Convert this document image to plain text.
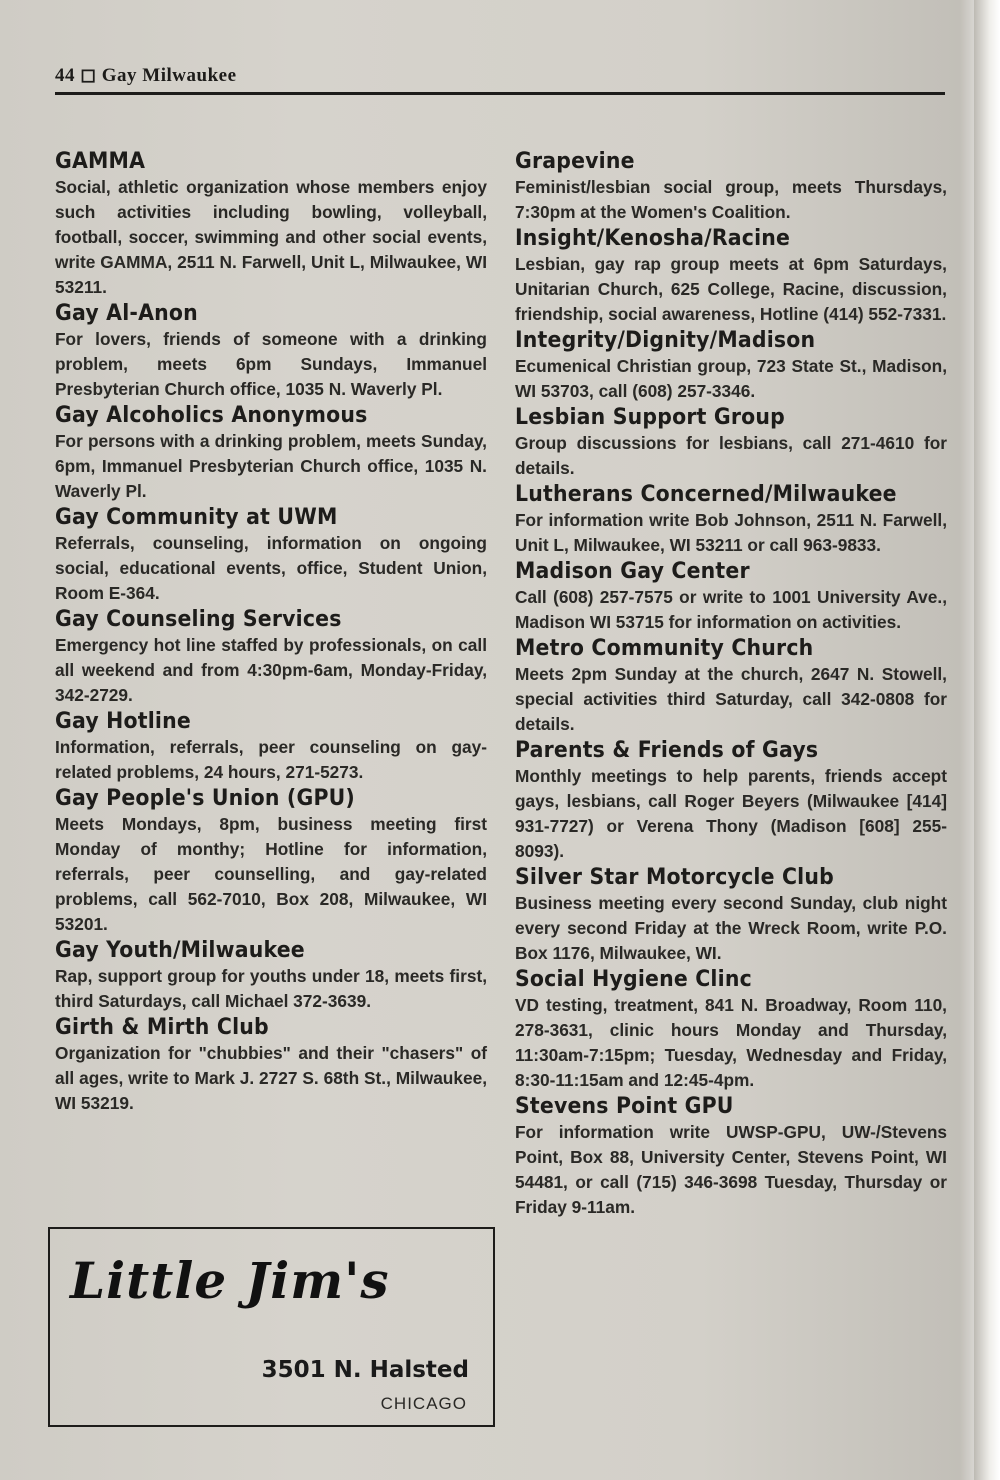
44 ◻ Gay Milwaukee
GAMMA
Social, athletic organization whose members enjoy such activities including bowling, volleyball, football, soccer, swimming and other social events, write GAMMA, 2511 N. Farwell, Unit L, Milwaukee, WI 53211.
Gay Al-Anon
For lovers, friends of someone with a drinking problem, meets 6pm Sundays, Immanuel Presbyterian Church office, 1035 N. Waverly Pl.
Gay Alcoholics Anonymous
For persons with a drinking problem, meets Sunday, 6pm, Immanuel Presbyterian Church office, 1035 N. Waverly Pl.
Gay Community at UWM
Referrals, counseling, information on ongoing social, educational events, office, Student Union, Room E-364.
Gay Counseling Services
Emergency hot line staffed by professionals, on call all weekend and from 4:30pm-6am, Monday-Friday, 342-2729.
Gay Hotline
Information, referrals, peer counseling on gay-related problems, 24 hours, 271-5273.
Gay People's Union (GPU)
Meets Mondays, 8pm, business meeting first Monday of monthy; Hotline for information, referrals, peer counselling, and gay-related problems, call 562-7010, Box 208, Milwaukee, WI 53201.
Gay Youth/Milwaukee
Rap, support group for youths under 18, meets first, third Saturdays, call Michael 372-3639.
Girth & Mirth Club
Organization for "chubbies" and their "chasers" of all ages, write to Mark J. 2727 S. 68th St., Milwaukee, WI 53219.
Grapevine
Feminist/lesbian social group, meets Thursdays, 7:30pm at the Women's Coalition.
Insight/Kenosha/Racine
Lesbian, gay rap group meets at 6pm Saturdays, Unitarian Church, 625 College, Racine, discussion, friendship, social awareness, Hotline (414) 552-7331.
Integrity/Dignity/Madison
Ecumenical Christian group, 723 State St., Madison, WI 53703, call (608) 257-3346.
Lesbian Support Group
Group discussions for lesbians, call 271-4610 for details.
Lutherans Concerned/Milwaukee
For information write Bob Johnson, 2511 N. Farwell, Unit L, Milwaukee, WI 53211 or call 963-9833.
Madison Gay Center
Call (608) 257-7575 or write to 1001 University Ave., Madison WI 53715 for information on activities.
Metro Community Church
Meets 2pm Sunday at the church, 2647 N. Stowell, special activities third Saturday, call 342-0808 for details.
Parents & Friends of Gays
Monthly meetings to help parents, friends accept gays, lesbians, call Roger Beyers (Milwaukee [414] 931-7727) or Verena Thony (Madison [608] 255-8093).
Silver Star Motorcycle Club
Business meeting every second Sunday, club night every second Friday at the Wreck Room, write P.O. Box 1176, Milwaukee, WI.
Social Hygiene Clinc
VD testing, treatment, 841 N. Broadway, Room 110, 278-3631, clinic hours Monday and Thursday, 11:30am-7:15pm; Tuesday, Wednesday and Friday, 8:30-11:15am and 12:45-4pm.
Stevens Point GPU
For information write UWSP-GPU, UW-/Stevens Point, Box 88, University Center, Stevens Point, WI 54481, or call (715) 346-3698 Tuesday, Thursday or Friday 9-11am.
Little Jim's
3501 N. Halsted
CHICAGO
